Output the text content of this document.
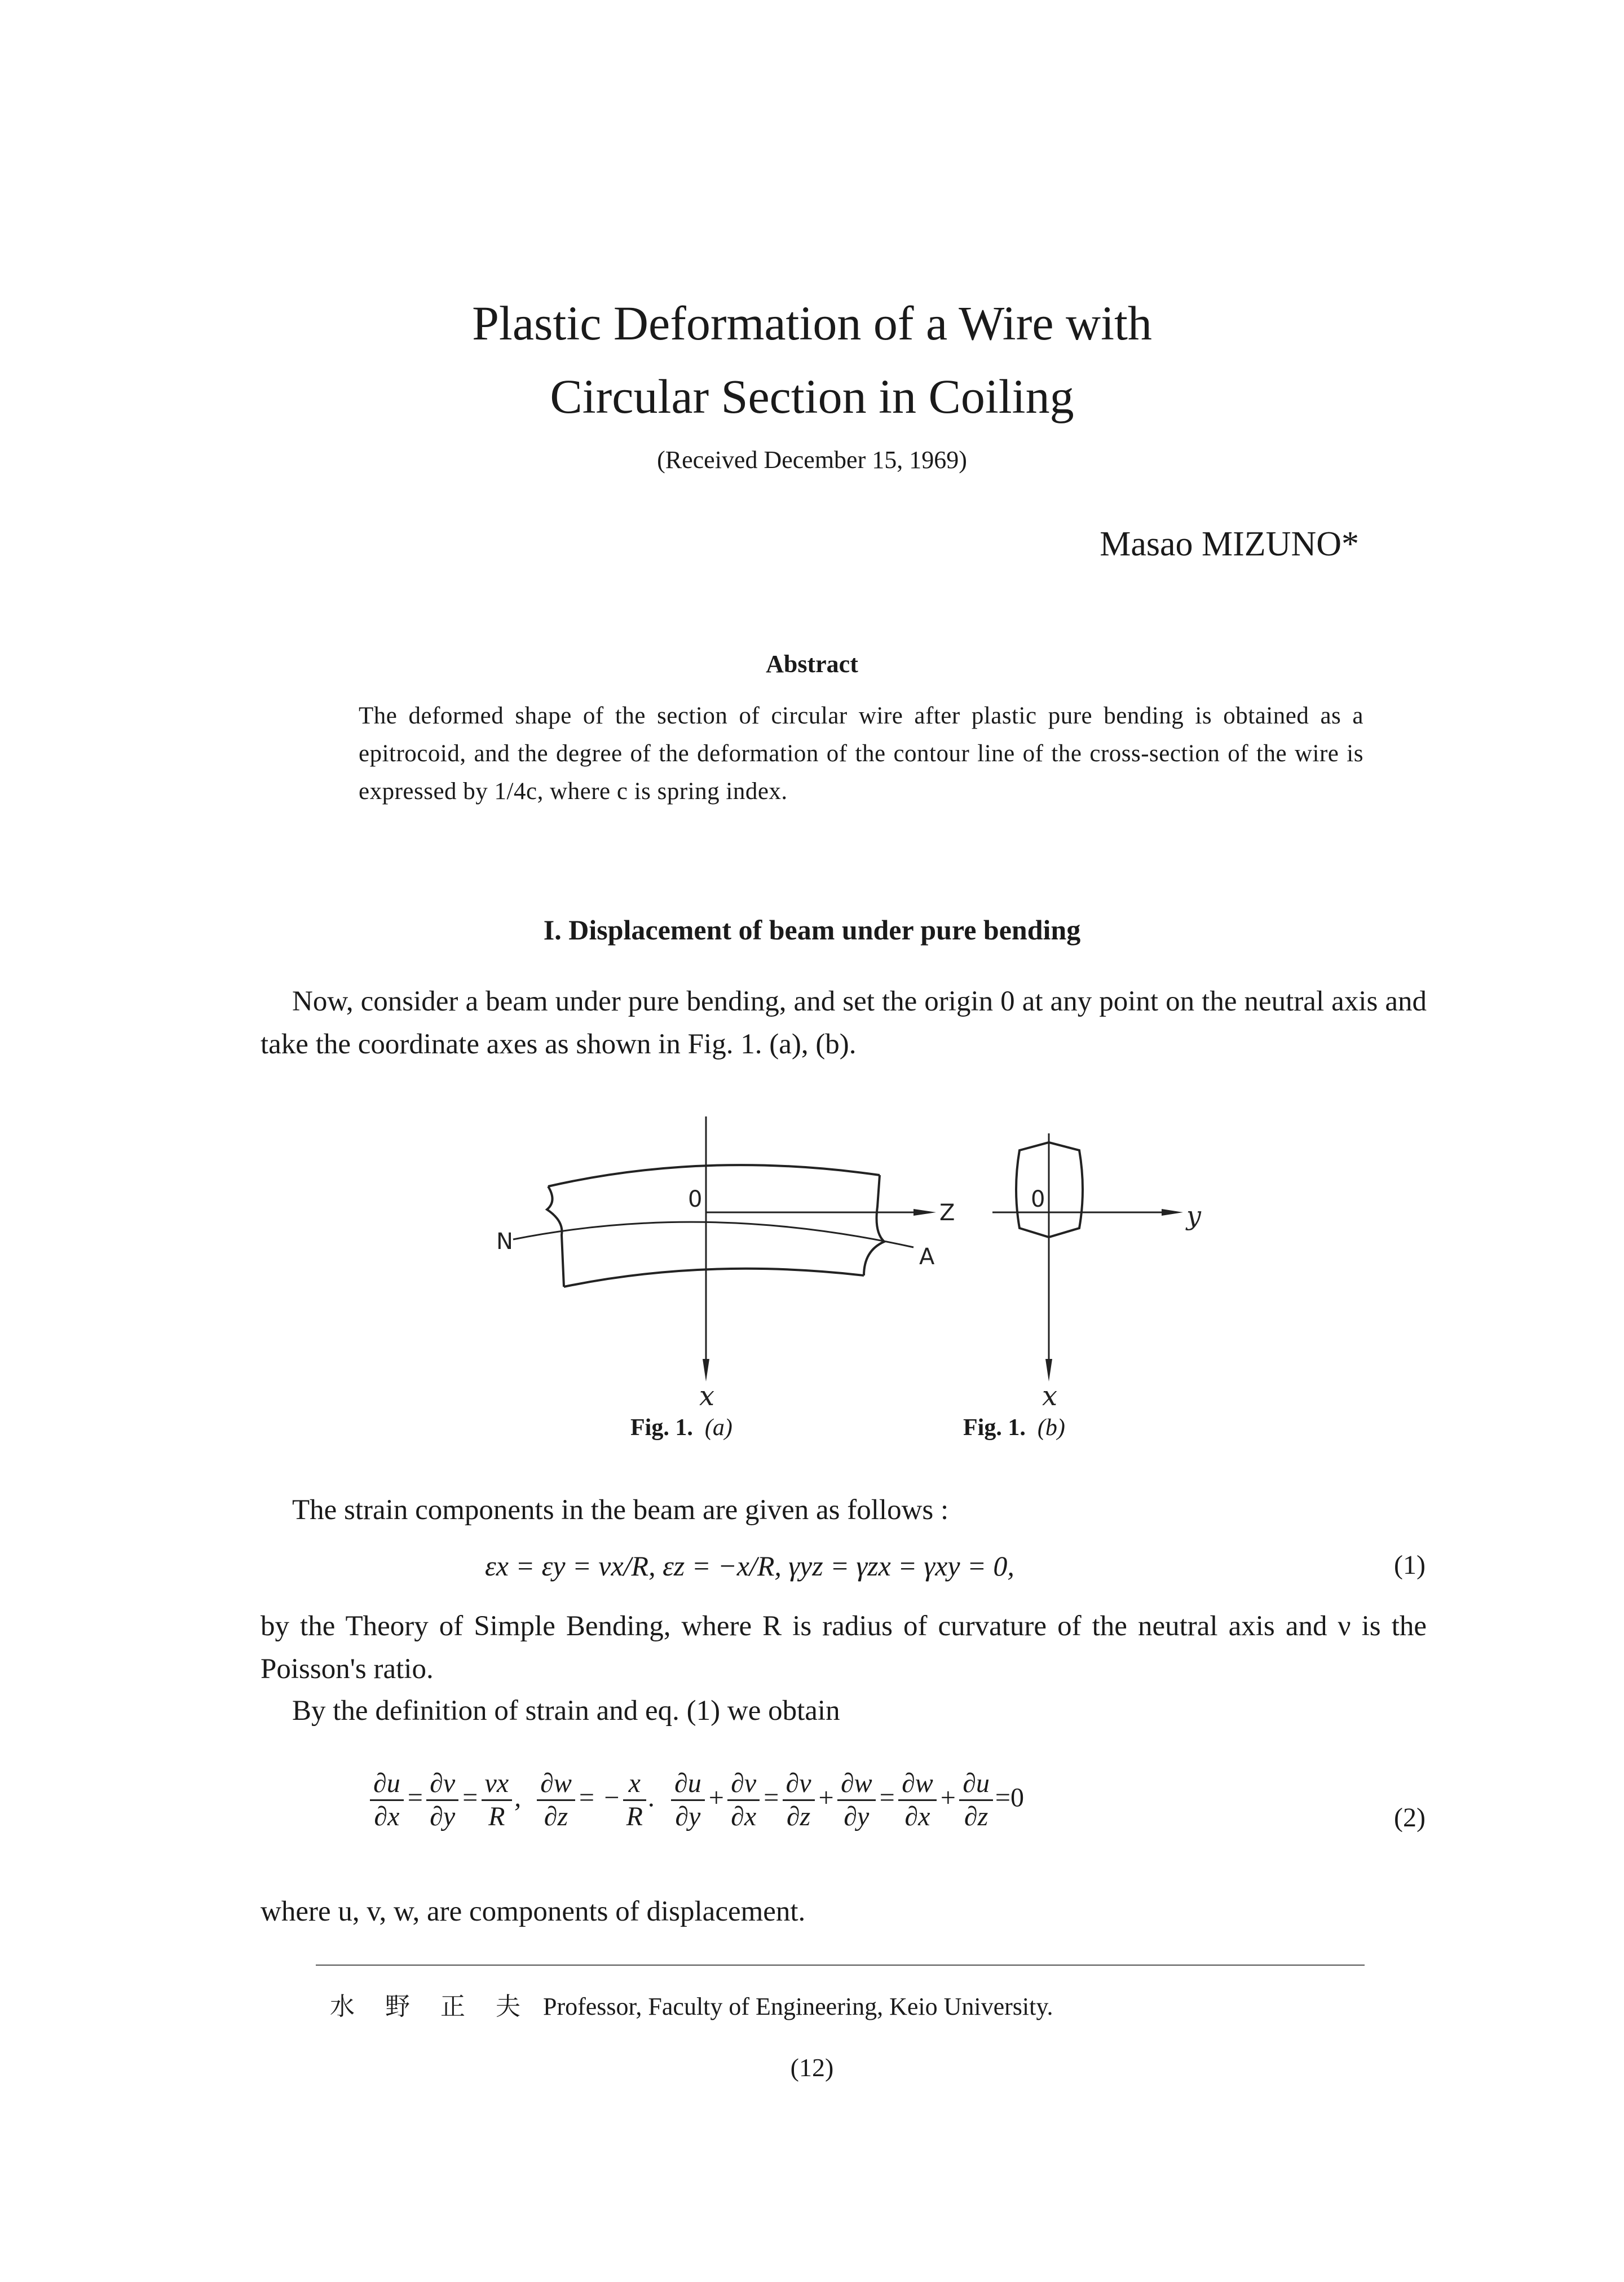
Plastic Deformation of a Wire with
Circular Section in Coiling
(Received December 15, 1969)
Masao MIZUNO*
Abstract
The deformed shape of the section of circular wire after plastic pure bending is obtained as a epitrocoid, and the degree of the deformation of the contour line of the cross-section of the wire is expressed by 1/4c, where c is spring index.
I. Displacement of beam under pure bending
Now, consider a beam under pure bending, and set the origin 0 at any point on the neutral axis and take the coordinate axes as shown in Fig. 1. (a), (b).
0
Z
N
A
x
0
y
x
Fig. 1. (a)	Fig. 1. (b)
The strain components in the beam are given as follows :
εx = εy = νx/R, εz = −x/R, γyz = γzx = γxy = 0,	(1)
by the Theory of Simple Bending, where R is radius of curvature of the neutral axis and ν is the Poisson's ratio.
By the definition of strain and eq. (1) we obtain
$\frac{\partial u}{\partial x} = \frac{\partial v}{\partial y} = \frac{\nu x}{R}$ , $\frac{\partial w}{\partial z}$ = − $\frac{x}{R}$ . $\frac{\partial u}{\partial y} + \frac{\partial v}{\partial x} = \frac{\partial v}{\partial z} + \frac{\partial w}{\partial y} = \frac{\partial w}{\partial x} + \frac{\partial u}{\partial z} =0$
(2)
where u, v, w, are components of displacement.
水 野 正 夫 Professor, Faculty of Engineering, Keio University.
(12)
